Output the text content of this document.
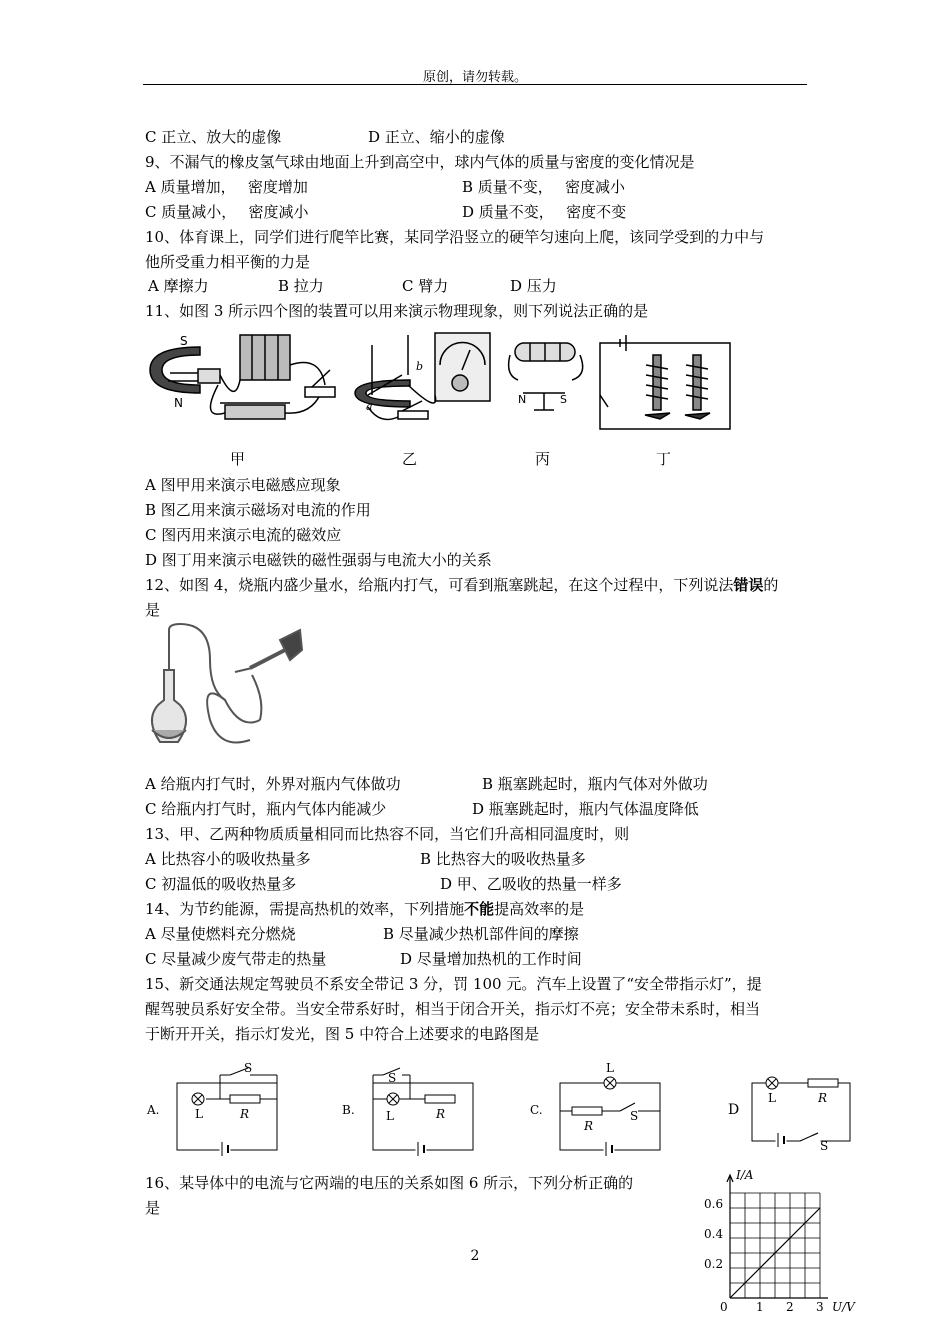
原创，请勿转载。
C 正立、放大的虚像	D 正立、缩小的虚像
9、不漏气的橡皮氢气球由地面上升到高空中，球内气体的质量与密度的变化情况是
A 质量增加，　 密度增加	B 质量不变，　 密度减小
C 质量减小，　 密度减小	D 质量不变，　 密度不变
10、体育课上，同学们进行爬竿比赛，某同学沿竖立的硬竿匀速向上爬，该同学受到的力中与
他所受重力相平衡的力是
A 摩擦力	B 拉力	C 臂力	D 压力
11、如图 3 所示四个图的装置可以用来演示物理现象，则下列说法正确的是
S
N	a
b
N	S
甲	乙	丙	丁
A 图甲用来演示电磁感应现象
B 图乙用来演示磁场对电流的作用
C 图丙用来演示电流的磁效应
D 图丁用来演示电磁铁的磁性强弱与电流大小的关系
12、如图 4，烧瓶内盛少量水，给瓶内打气，可看到瓶塞跳起，在这个过程中，下列说法错误的
是
A 给瓶内打气时，外界对瓶内气体做功	B 瓶塞跳起时，瓶内气体对外做功
C 给瓶内打气时，瓶内气体内能减少	D 瓶塞跳起时，瓶内气体温度降低
13、甲、乙两种物质质量相同而比热容不同，当它们升高相同温度时，则
A 比热容小的吸收热量多	B 比热容大的吸收热量多
C 初温低的吸收热量多	D 甲、乙吸收的热量一样多
14、为节约能源，需提高热机的效率，下列措施不能提高效率的是
A 尽量使燃料充分燃烧	B 尽量减少热机部件间的摩擦
C 尽量减少废气带走的热量	D 尽量增加热机的工作时间
15、新交通法规定驾驶员不系安全带记 3 分，罚 100 元。汽车上设置了“安全带指示灯”，提
醒驾驶员系好安全带。当安全带系好时，相当于闭合开关，指示灯不亮；安全带未系时，相当
于断开开关，指示灯发光，图 5 中符合上述要求的电路图是
A.	L	R
S
B.	L	R
S
C.
L
R
S	D
L	R
S
16、某导体中的电流与它两端的电压的关系如图 6 所示，下列分析正确的
是
I/A
U/V
0.6
0.4
0.2
0 1 2 3
2
